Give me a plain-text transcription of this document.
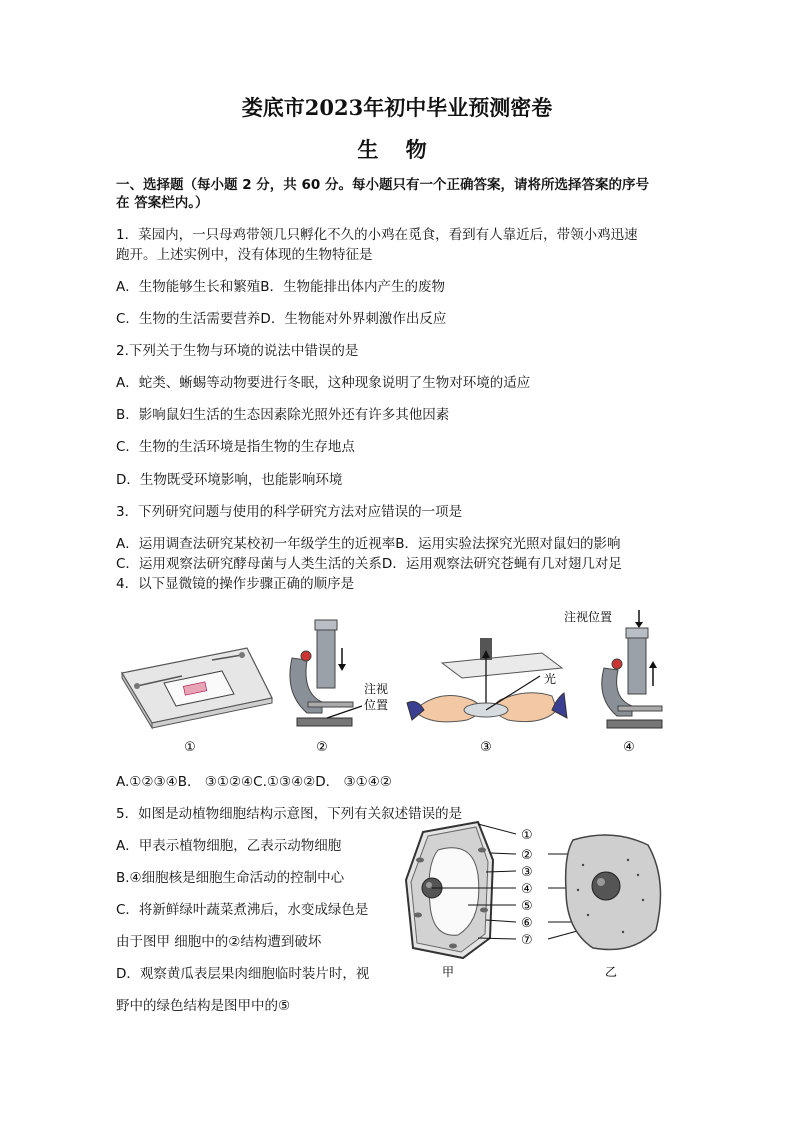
娄底市2023年初中毕业预测密卷
生 物
一、选择题（每小题 2 分，共 60 分。每小题只有一个正确答案，请将所选择答案的序号
在 答案栏内。）
1．菜园内，一只母鸡带领几只孵化不久的小鸡在觅食，看到有人靠近后，带领小鸡迅速
跑开。上述实例中，没有体现的生物特征是
A．生物能够生长和繁殖B．生物能排出体内产生的废物
C．生物的生活需要营养D．生物能对外界刺激作出反应
2.下列关于生物与环境的说法中错误的是
A．蛇类、蜥蜴等动物要进行冬眠，这种现象说明了生物对环境的适应
B．影响鼠妇生活的生态因素除光照外还有许多其他因素
C．生物的生活环境是指生物的生存地点
D．生物既受环境影响，也能影响环境
3．下列研究问题与使用的科学研究方法对应错误的一项是
A．运用调查法研究某校初一年级学生的近视率B．运用实验法探究光照对鼠妇的影响
C．运用观察法研究酵母菌与人类生活的关系D．运用观察法研究苍蝇有几对翅几对足
4．以下显微镜的操作步骤正确的顺序是
①
注视
位置
②
光
③
注视位置
④
A.①②③④B． ③①②④C.①③④②D． ③①④②
5．如图是动植物细胞结构示意图，下列有关叙述错误的是
A．甲表示植物细胞，乙表示动物细胞
B.④细胞核是细胞生命活动的控制中心
C．将新鲜绿叶蔬菜煮沸后，水变成绿色是
由于图甲 细胞中的②结构遭到破坏
D．观察黄瓜表层果肉细胞临时装片时，视
野中的绿色结构是图甲中的⑤
甲
①
②
③
④
⑤
⑥
⑦
乙
